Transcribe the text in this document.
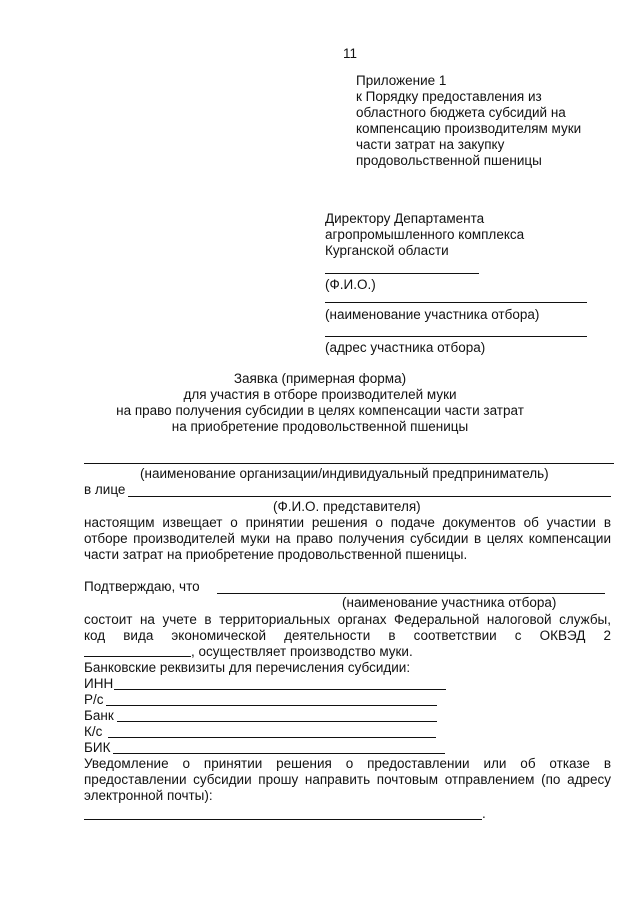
11
Приложение 1
к Порядку предоставления из
областного бюджета субсидий на
компенсацию производителям муки
части затрат на закупку
продовольственной пшеницы
Директору Департамента
агропромышленного комплекса
Курганской области
(Ф.И.О.)
(наименование участника отбора)
(адрес участника отбора)
Заявка (примерная форма)
для участия в отборе производителей муки
на право получения субсидии в целях компенсации части затрат
на приобретение продовольственной пшеницы
(наименование организации/индивидуальный предприниматель)
в лице
(Ф.И.О. представителя)
настоящим извещает о принятии решения о подаче документов об участии в
отборе производителей муки на право получения субсидии в целях компенсации
части затрат на приобретение продовольственной пшеницы.
Подтверждаю, что
(наименование участника отбора)
состоит на учете в территориальных органах Федеральной налоговой службы,
код вида экономической деятельности в соответствии с ОКВЭД 2
, осуществляет производство муки.
Банковские реквизиты для перечисления субсидии:
ИНН
Р/с
Банк
К/с
БИК
Уведомление о принятии решения о предоставлении или об отказе в
предоставлении субсидии прошу направить почтовым отправлением (по адресу
электронной почты):
.
